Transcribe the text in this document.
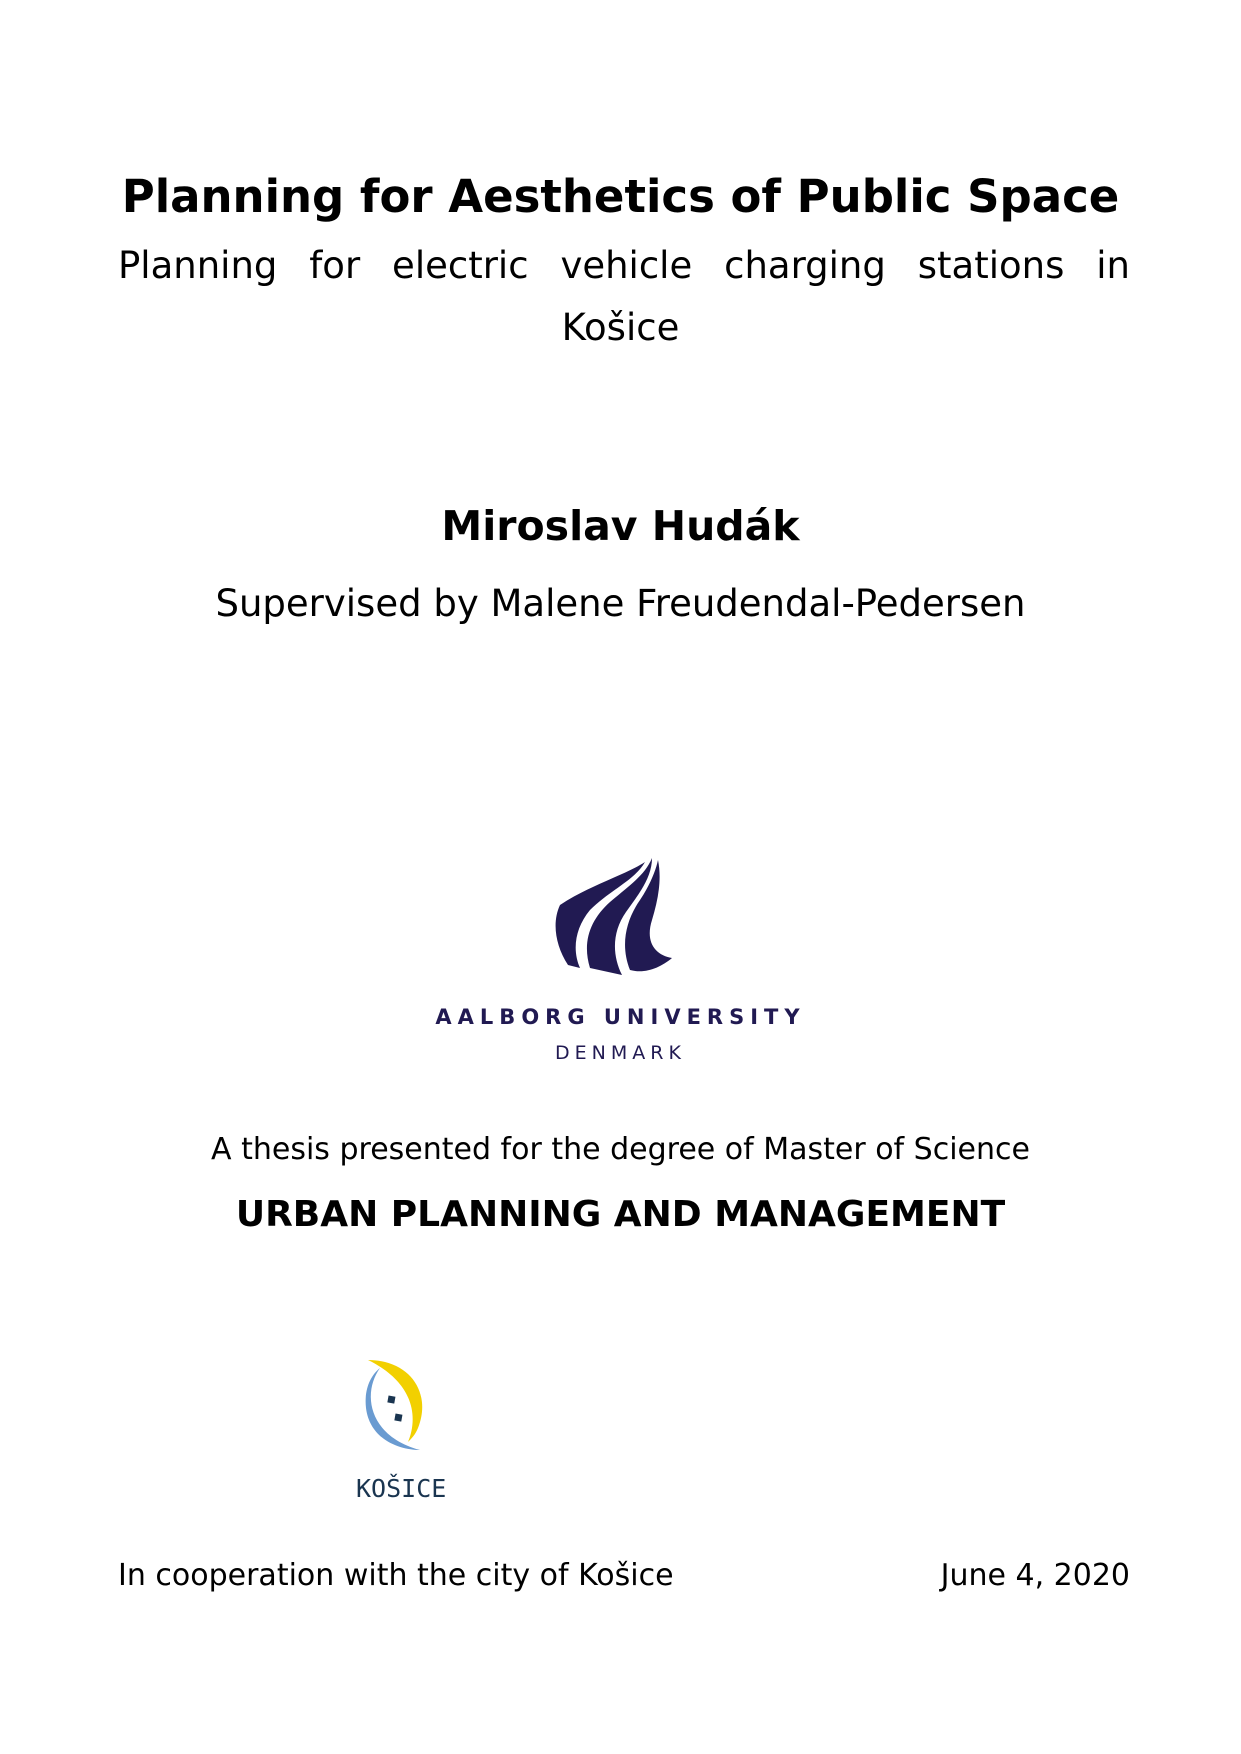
Planning for Aesthetics of Public Space
Planning for electric vehicle charging stations in
Košice
Miroslav Hudák
Supervised by Malene Freudendal-Pedersen
AALBORG UNIVERSITY
DENMARK
A thesis presented for the degree of Master of Science
URBAN PLANNING AND MANAGEMENT
KOŠICE
In cooperation with the city of Košice	June 4, 2020
